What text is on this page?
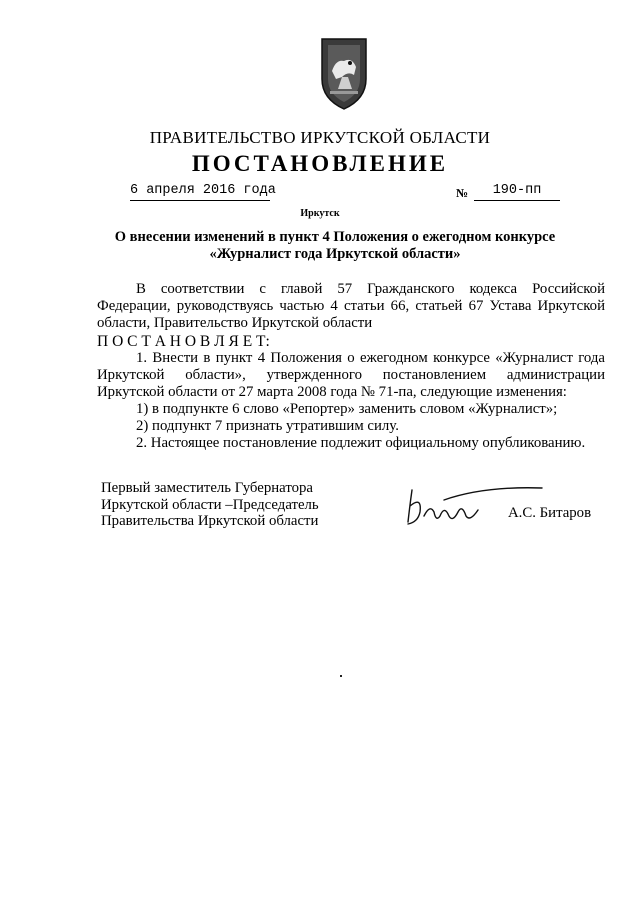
ПРАВИТЕЛЬСТВО ИРКУТСКОЙ ОБЛАСТИ
ПОСТАНОВЛЕНИЕ
6 апреля 2016 года	№	190-пп
Иркутск
О внесении изменений в пункт 4 Положения о ежегодном конкурсе
«Журналист года Иркутской области»
В соответствии с главой 57 Гражданского кодекса Российской
Федерации, руководствуясь частью 4 статьи 66, статьей 67 Устава Иркутской
области, Правительство Иркутской области
П О С Т А Н О В Л Я Е Т:
1. Внести в пункт 4 Положения о ежегодном конкурсе «Журналист года
Иркутской области», утвержденного постановлением администрации
Иркутской области от 27 марта 2008 года № 71-па, следующие изменения:
1) в подпункте 6 слово «Репортер» заменить словом «Журналист»;
2) подпункт 7 признать утратившим силу.
2. Настоящее постановление подлежит официальному опубликованию.
Первый заместитель Губернатора
Иркутской области –Председатель
Правительства Иркутской области	А.С. Битаров
